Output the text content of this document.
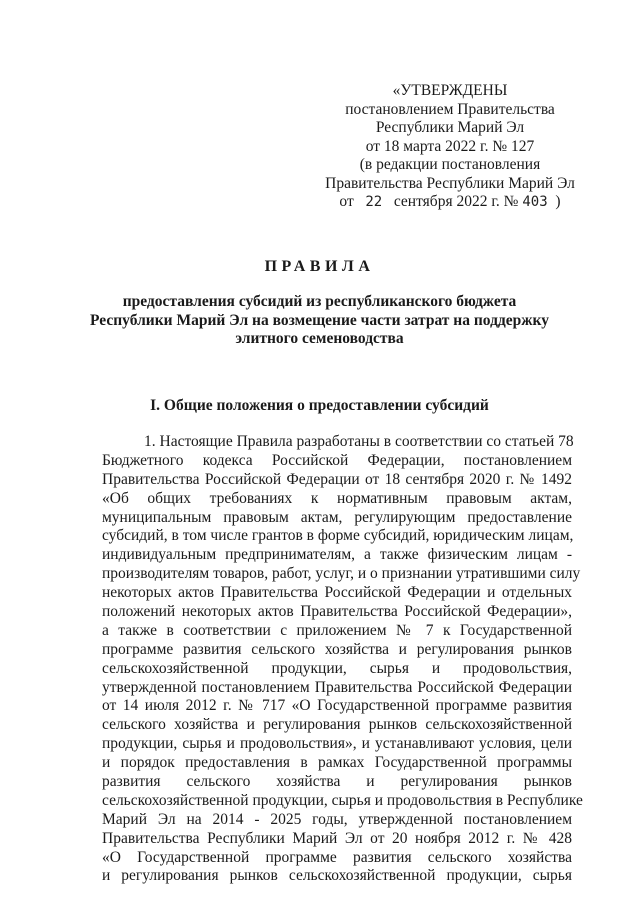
«УТВЕРЖДЕНЫ
постановлением Правительства
Республики Марий Эл
от 18 марта 2022 г. № 127
(в редакции постановления
Правительства Республики Марий Эл
от 22 сентября 2022 г. № 403 )
ПРАВИЛА
предоставления субсидий из республиканского бюджета
Республики Марий Эл на возмещение части затрат на поддержку
элитного семеноводства
I. Общие положения о предоставлении субсидий
1. Настоящие Правила разработаны в соответствии со статьей 78
Бюджетного кодекса Российской Федерации, постановлением
Правительства Российской Федерации от 18 сентября 2020 г. № 1492
«Об общих требованиях к нормативным правовым актам,
муниципальным правовым актам, регулирующим предоставление
субсидий, в том числе грантов в форме субсидий, юридическим лицам,
индивидуальным предпринимателям, а также физическим лицам -
производителям товаров, работ, услуг, и о признании утратившими силу
некоторых актов Правительства Российской Федерации и отдельных
положений некоторых актов Правительства Российской Федерации»,
а также в соответствии с приложением № 7 к Государственной
программе развития сельского хозяйства и регулирования рынков
сельскохозяйственной продукции, сырья и продовольствия,
утвержденной постановлением Правительства Российской Федерации
от 14 июля 2012 г. № 717 «О Государственной программе развития
сельского хозяйства и регулирования рынков сельскохозяйственной
продукции, сырья и продовольствия», и устанавливают условия, цели
и порядок предоставления в рамках Государственной программы
развития сельского хозяйства и регулирования рынков
сельскохозяйственной продукции, сырья и продовольствия в Республике
Марий Эл на 2014 - 2025 годы, утвержденной постановлением
Правительства Республики Марий Эл от 20 ноября 2012 г. № 428
«О Государственной программе развития сельского хозяйства
и регулирования рынков сельскохозяйственной продукции, сырья
